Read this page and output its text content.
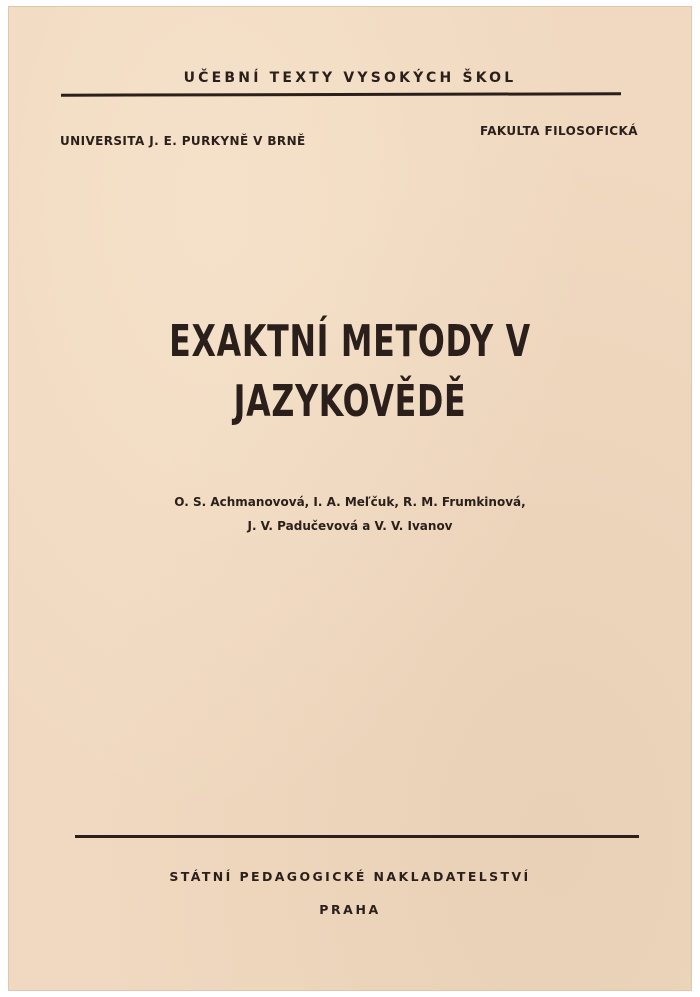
UČEBNÍ TEXTY VYSOKÝCH ŠKOL
UNIVERSITA J. E. PURKYNĚ V BRNĚ
FAKULTA FILOSOFICKÁ
EXAKTNÍ METODY V JAZYKOVĚDĚ
O. S. Achmanovová, I. A. Meľčuk, R. M. Frumkinová,
J. V. Padučevová a V. V. Ivanov
STÁTNÍ PEDAGOGICKÉ NAKLADATELSTVÍ
PRAHA
